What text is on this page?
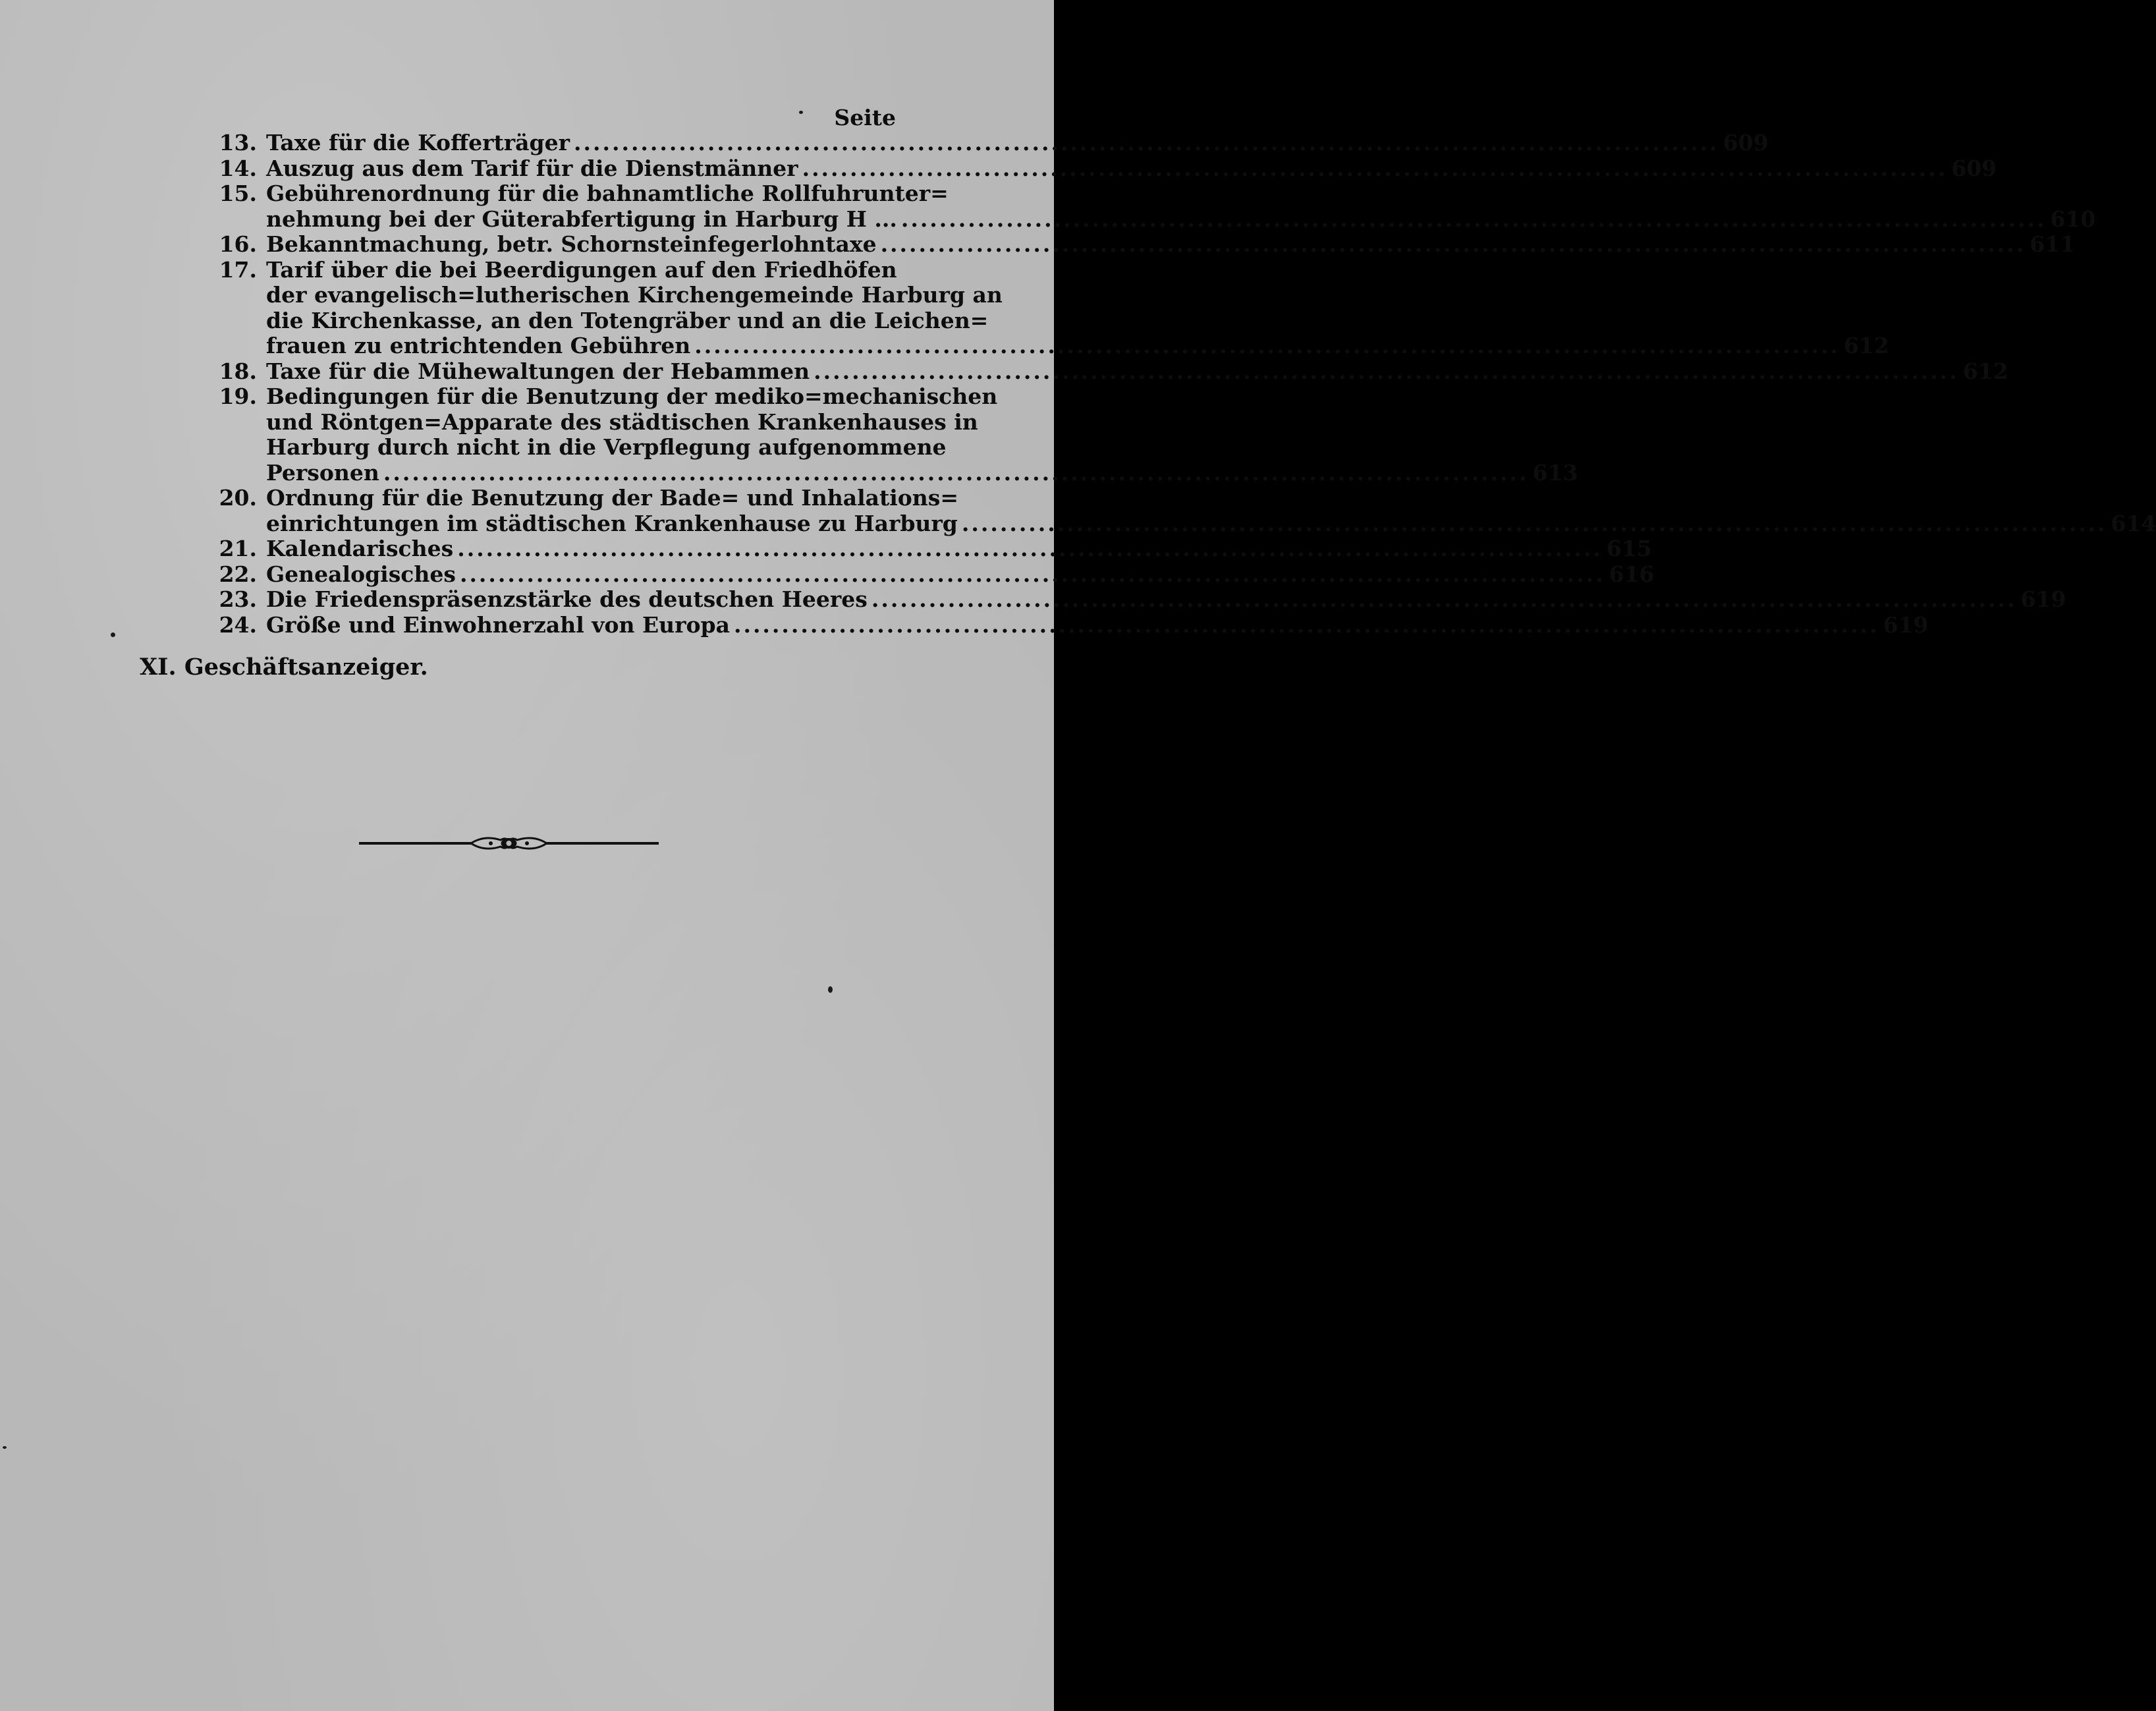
Seite
13. Taxe für die Kofferträger ........................................................................................................................ 609
14. Auszug aus dem Tarif für die Dienstmänner ........................................................................................................................ 609
15. Gebührenordnung für die bahnamtliche Rollfuhrunter=
nehmung bei der Güterabfertigung in Harburg H ... ........................................................................................................................ 610
16. Bekanntmachung, betr. Schornsteinfegerlohntaxe ........................................................................................................................ 611
17. Tarif über die bei Beerdigungen auf den Friedhöfen
der evangelisch=lutherischen Kirchengemeinde Harburg an
die Kirchenkasse, an den Totengräber und an die Leichen=
frauen zu entrichtenden Gebühren ........................................................................................................................ 612
18. Taxe für die Mühewaltungen der Hebammen ........................................................................................................................ 612
19. Bedingungen für die Benutzung der mediko=mechanischen
und Röntgen=Apparate des städtischen Krankenhauses in
Harburg durch nicht in die Verpflegung aufgenommene
Personen ........................................................................................................................ 613
20. Ordnung für die Benutzung der Bade= und Inhalations=
einrichtungen im städtischen Krankenhause zu Harburg ........................................................................................................................ 614
21. Kalendarisches ........................................................................................................................ 615
22. Genealogisches ........................................................................................................................ 616
23. Die Friedenspräsenzstärke des deutschen Heeres ........................................................................................................................ 619
24. Größe und Einwohnerzahl von Europa ........................................................................................................................ 619
XI. Geschäftsanzeiger.
